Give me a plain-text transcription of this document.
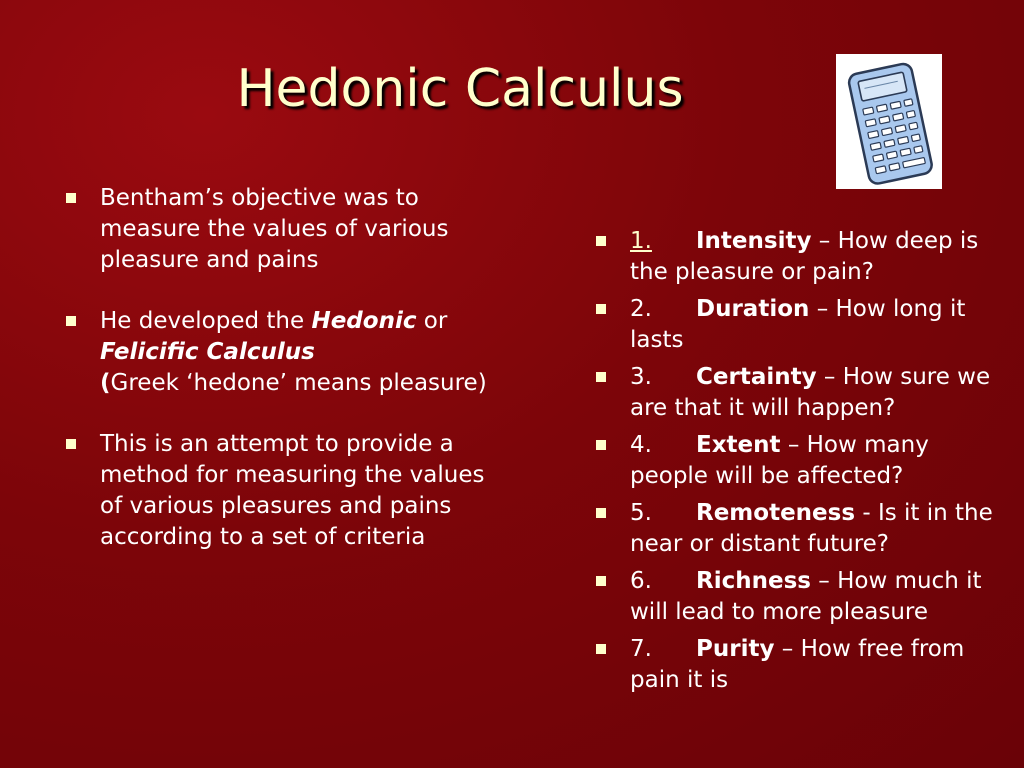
Hedonic Calculus

Bentham’s objective was to measure the values of various pleasure and pains

He developed the Hedonic or
Felicific Calculus
(Greek ‘hedone’ means pleasure)

This is an attempt to provide a method for measuring the values of various pleasures and pains according to a set of criteria

1. Intensity – How deep is the pleasure or pain?

2. Duration – How long it lasts

3. Certainty – How sure we are that it will happen?

4. Extent – How many people will be affected?

5. Remoteness - Is it in the near or distant future?

6. Richness – How much it will lead to more pleasure

7. Purity – How free from pain it is
